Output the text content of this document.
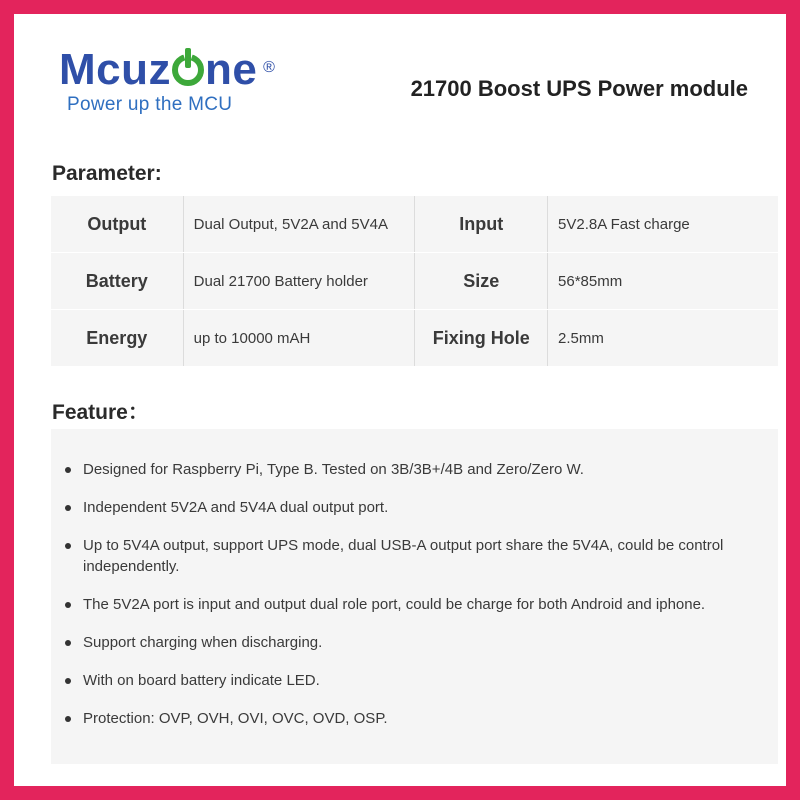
Mcuz ne ®
Power up the MCU
21700 Boost UPS Power module
Parameter:
Output	Dual Output, 5V2A and 5V4A	Input	5V2.8A Fast charge
Battery	Dual 21700 Battery holder	Size	56*85mm
Energy	up to 10000 mAH	Fixing Hole	2.5mm
Feature：
Designed for Raspberry Pi, Type B. Tested on 3B/3B+/4B and Zero/Zero W.
Independent 5V2A and 5V4A dual output port.
Up to 5V4A output, support UPS mode, dual USB-A output port share the 5V4A, could be control independently.
The 5V2A port is input and output dual role port, could be charge for both Android and iphone.
Support charging when discharging.
With on board battery indicate LED.
Protection: OVP, OVH, OVI, OVC, OVD, OSP.
